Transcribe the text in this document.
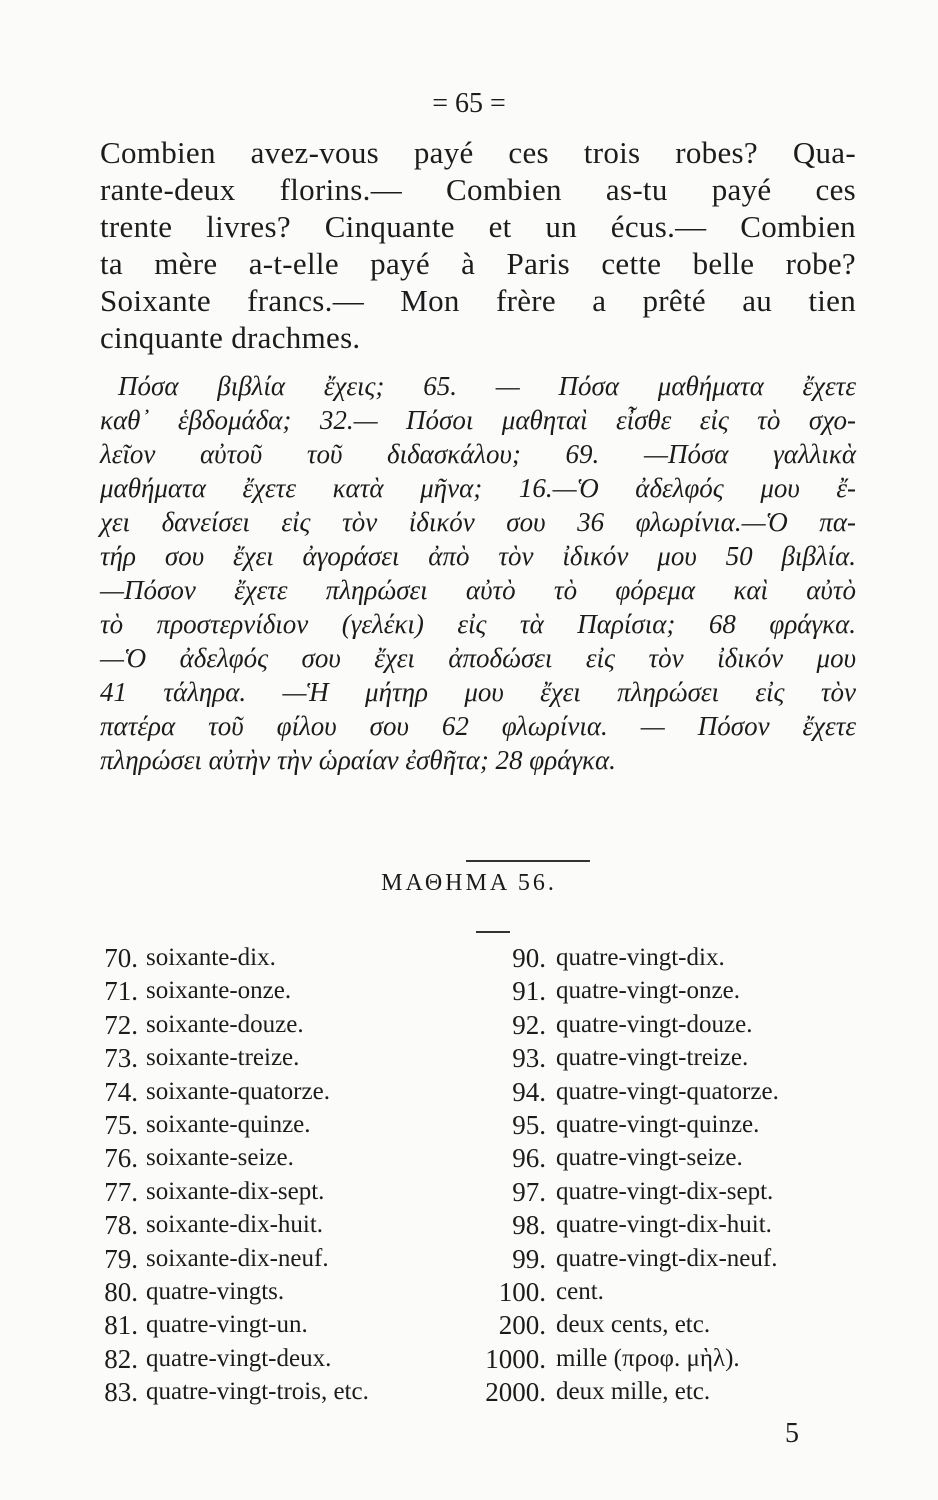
= 65 =
Combien avez-vous payé ces trois robes? Qua-
rante-deux florins.— Combien as-tu payé ces
trente livres? Cinquante et un écus.— Combien
ta mère a-t-elle payé à Paris cette belle robe?
Soixante francs.— Mon frère a prêté au tien
cinquante drachmes.
Πόσα βιβλία ἔχεις; 65. — Πόσα μαθήματα ἔχετε
καθ᾽ ἑβδομάδα; 32.— Πόσοι μαθηταὶ εἶσθε εἰς τὸ σχο-
λεῖον αὐτοῦ τοῦ διδασκάλου; 69. —Πόσα γαλλικὰ
μαθήματα ἔχετε κατὰ μῆνα; 16.—Ὁ ἀδελφός μου ἔ-
χει δανείσει εἰς τὸν ἰδικόν σου 36 φλωρίνια.—Ὁ πα-
τήρ σου ἔχει ἀγοράσει ἀπὸ τὸν ἰδικόν μου 50 βιβλία.
—Πόσον ἔχετε πληρώσει αὐτὸ τὸ φόρεμα καὶ αὐτὸ
τὸ προστερνίδιον (γελέκι) εἰς τὰ Παρίσια; 68 φράγκα.
—Ὁ ἀδελφός σου ἔχει ἀποδώσει εἰς τὸν ἰδικόν μου
41 τάληρα. —Ἡ μήτηρ μου ἔχει πληρώσει εἰς τὸν
πατέρα τοῦ φίλου σου 62 φλωρίνια. — Πόσον ἔχετε
πληρώσει αὐτὴν τὴν ὡραίαν ἐσθῆτα; 28 φράγκα.
ΜΑΘΗΜΑ 56.
70. soixante-dix.
71. soixante-onze.
72. soixante-douze.
73. soixante-treize.
74. soixante-quatorze.
75. soixante-quinze.
76. soixante-seize.
77. soixante-dix-sept.
78. soixante-dix-huit.
79. soixante-dix-neuf.
80. quatre-vingts.
81. quatre-vingt-un.
82. quatre-vingt-deux.
83. quatre-vingt-trois, etc.
90. quatre-vingt-dix.
91. quatre-vingt-onze.
92. quatre-vingt-douze.
93. quatre-vingt-treize.
94. quatre-vingt-quatorze.
95. quatre-vingt-quinze.
96. quatre-vingt-seize.
97. quatre-vingt-dix-sept.
98. quatre-vingt-dix-huit.
99. quatre-vingt-dix-neuf.
100. cent.
200. deux cents, etc.
1000. mille (προφ. μὴλ).
2000. deux mille, etc.
5
